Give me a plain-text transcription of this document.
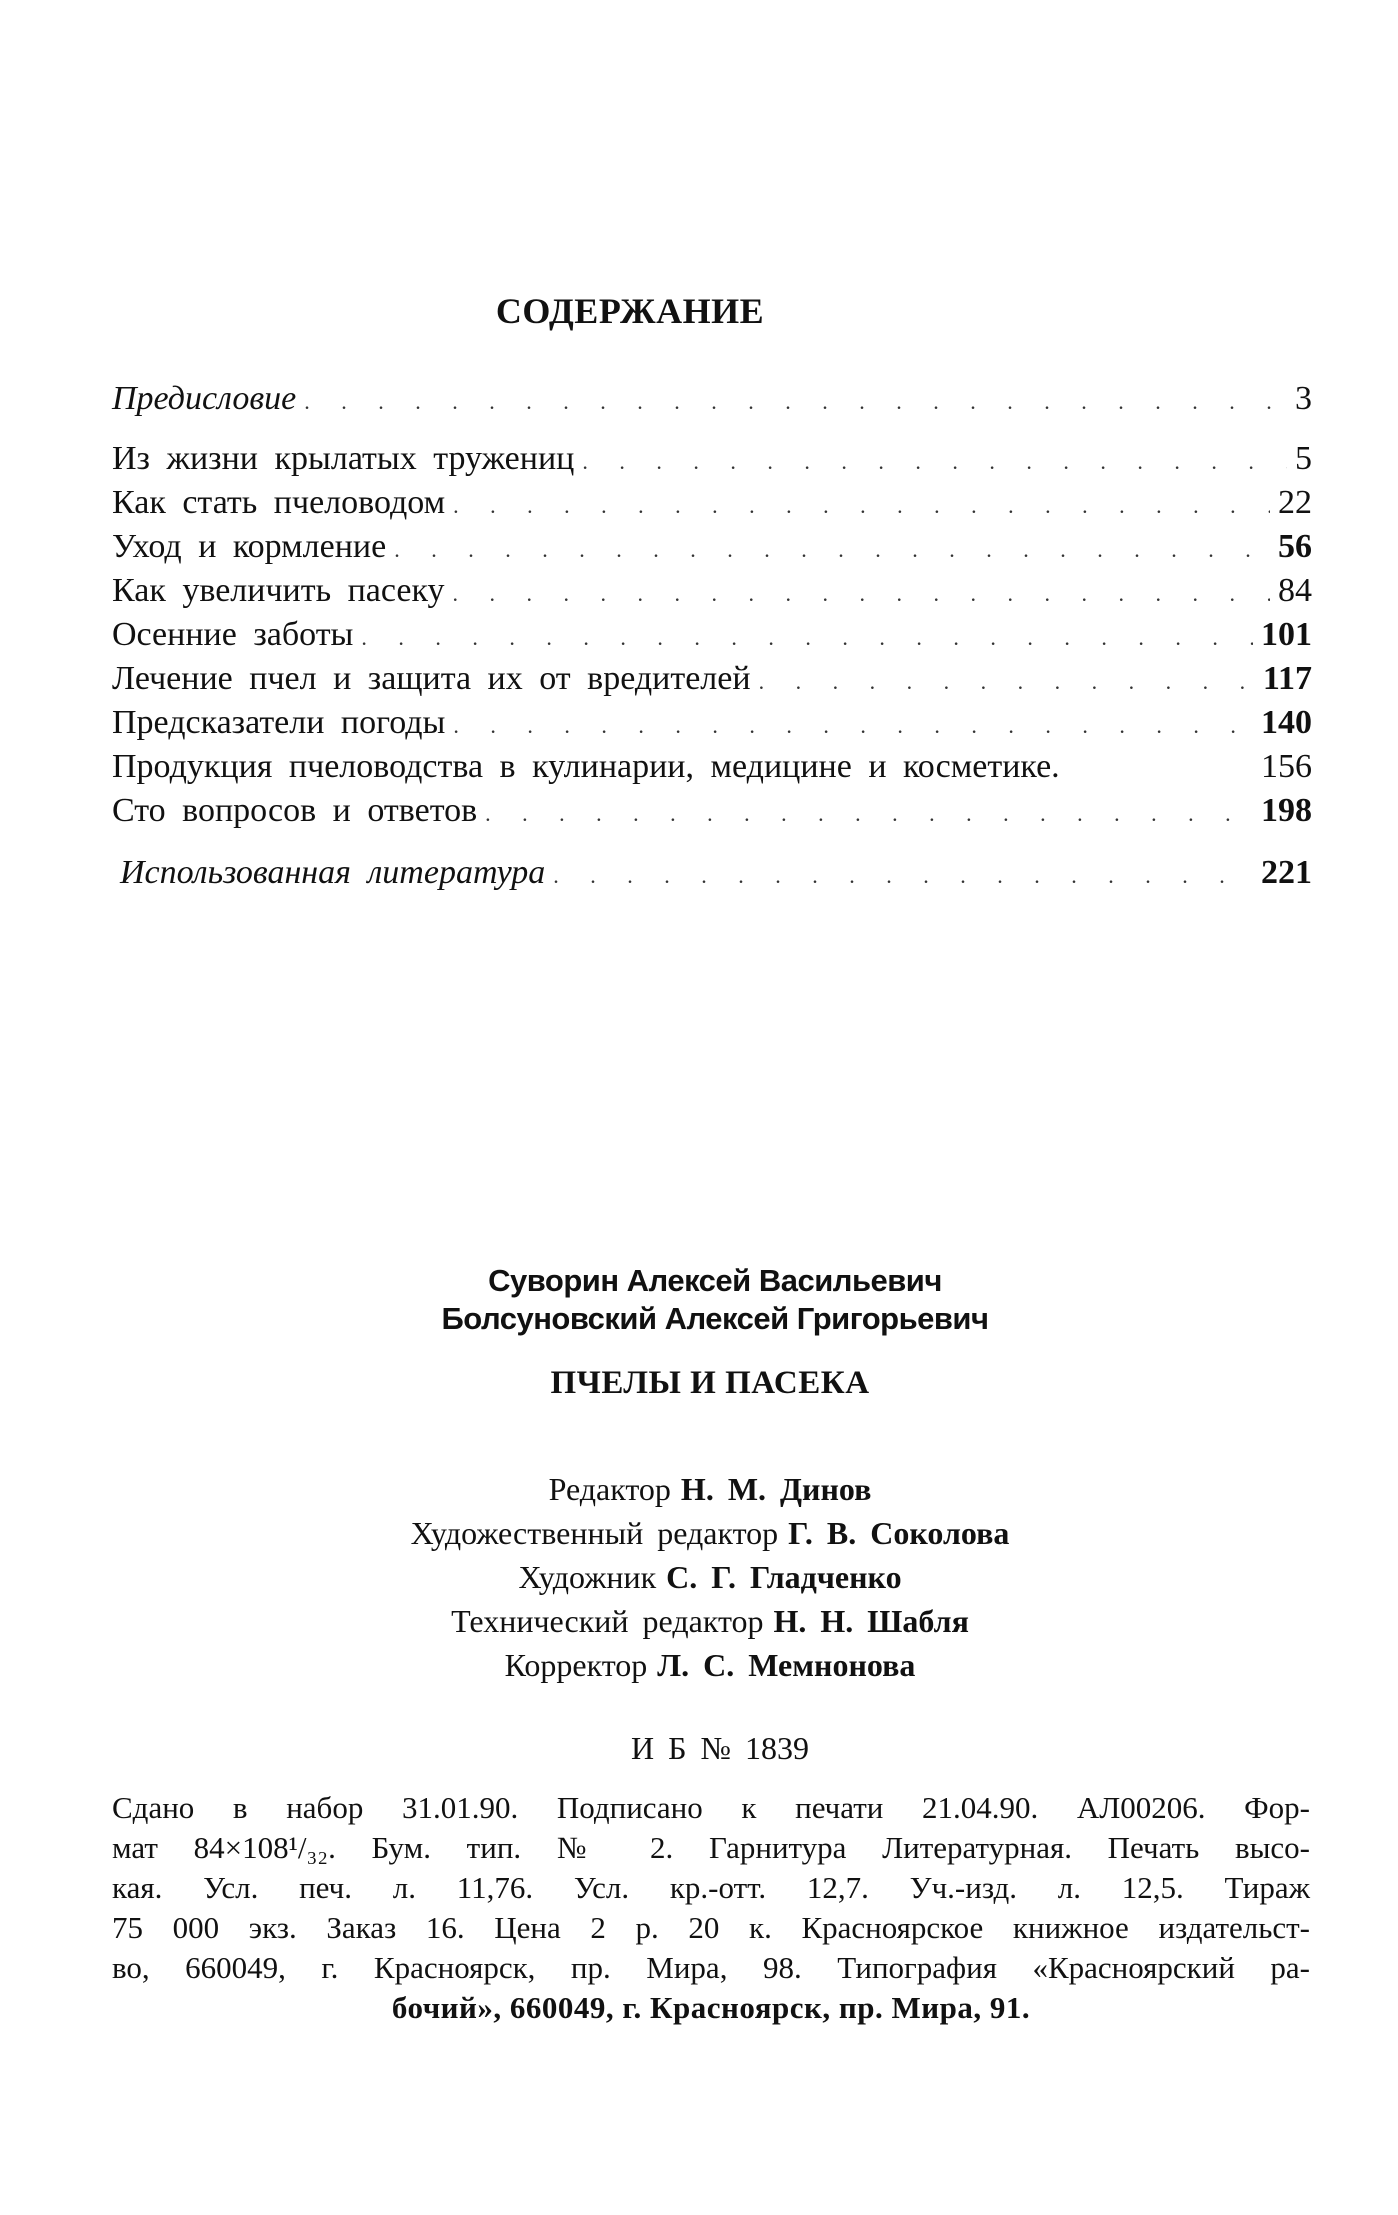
СОДЕРЖАНИЕ
Предисловие . . .	3
Из жизни крылатых тружениц . . .	5
Как стать пчеловодом . . .	22
Уход и кормление . . .	56
Как увеличить пасеку . . .	84
Осенние заботы . . .	101
Лечение пчел и защита их от вредителей . . .	117
Предсказатели погоды . . .	140
Продукция пчеловодства в кулинарии, медицине и косметике.	156
Сто вопросов и ответов . . .	198
Использованная литература . . .	221
Суворин Алексей Васильевич
Болсуновский Алексей Григорьевич
ПЧЕЛЫ И ПАСЕКА
Редактор Н. М. Динов
Художественный редактор Г. В. Соколова
Художник С. Г. Гладченко
Технический редактор Н. Н. Шабля
Корректор Л. С. Мемнонова
И Б № 1839
Сдано в набор 31.01.90. Подписано к печати 21.04.90. АЛ00206. Фор-
мат 84×108¹/₃₂. Бум. тип. № 2. Гарнитура Литературная. Печать высо-
кая. Усл. печ. л. 11,76. Усл. кр.-отт. 12,7. Уч.-изд. л. 12,5. Тираж
75 000 экз. Заказ 16. Цена 2 р. 20 к. Красноярское книжное издательст-
во, 660049, г. Красноярск, пр. Мира, 98. Типография «Красноярский ра-
бочий», 660049, г. Красноярск, пр. Мира, 91.
